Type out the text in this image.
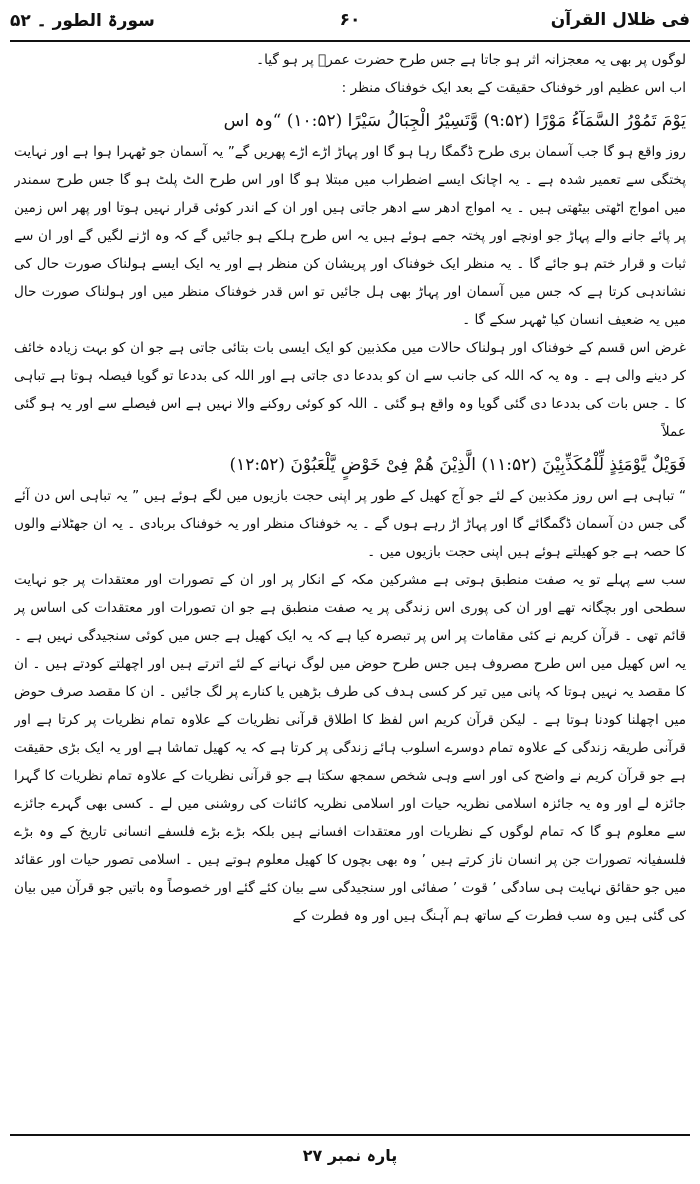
فی ظلال القرآن
۶۰
سورۃ الطور ۔ ۵۲

لوگوں پر بھی یہ معجزانہ اثر ہو جاتا ہے جس طرح حضرت عمرؓ پر ہو گیا۔

اب اس عظیم اور خوفناک حقیقت کے بعد ایک خوفناک منظر :

یَوْمَ تَمُوْرُ السَّمَآءُ مَوْرًا (۹:۵۲) وَّتَسِیْرُ الْجِبَالُ سَیْرًا (۱۰:۵۲) “وہ اس

روز واقع ہو گا جب آسمان بری طرح ڈگمگا رہا ہو گا اور پہاڑ اڑے اڑے پھریں گے” یہ آسمان جو ٹھہرا ہوا ہے اور نہایت پختگی سے تعمیر شدہ ہے ۔ یہ اچانک ایسے اضطراب میں مبتلا ہو گا اور اس طرح الٹ پلٹ ہو گا جس طرح سمندر میں امواج اٹھتی بیٹھتی ہیں ۔ یہ امواج ادھر سے ادھر جاتی ہیں اور ان کے اندر کوئی قرار نہیں ہوتا اور پھر اس زمین پر پائے جانے والے پہاڑ جو اونچے اور پختہ جمے ہوئے ہیں یہ اس طرح ہلکے ہو جائیں گے کہ وہ اڑنے لگیں گے اور ان سے ثبات و قرار ختم ہو جائے گا ۔ یہ منظر ایک خوفناک اور پریشان کن منظر ہے اور یہ ایک ایسے ہولناک صورت حال کی نشاندہی کرتا ہے کہ جس میں آسمان اور پہاڑ بھی ہل جائیں تو اس قدر خوفناک منظر میں اور ہولناک صورت حال میں یہ ضعیف انسان کیا ٹھہر سکے گا ۔

غرض اس قسم کے خوفناک اور ہولناک حالات میں مکذبین کو ایک ایسی بات بتائی جاتی ہے جو ان کو بہت زیادہ خائف کر دینے والی ہے ۔ وہ یہ کہ اللہ کی جانب سے ان کو بددعا دی جاتی ہے اور اللہ کی بددعا تو گویا فیصلہ ہوتا ہے تباہی کا ۔ جس بات کی بددعا دی گئی گویا وہ واقع ہو گئی ۔ اللہ کو کوئی روکنے والا نہیں ہے اس فیصلے سے اور یہ ہو گئی عملاً

فَوَیْلٌ یَّوْمَئِذٍ لِّلْمُکَذِّبِیْنَ (۱۱:۵۲) الَّذِیْنَ ھُمْ فِیْ خَوْضٍ یَّلْعَبُوْنَ (۱۲:۵۲)

“ تباہی ہے اس روز مکذبین کے لئے جو آج کھیل کے طور پر اپنی حجت بازیوں میں لگے ہوئے ہیں ” یہ تباہی اس دن آئے گی جس دن آسمان ڈگمگائے گا اور پہاڑ اڑ رہے ہوں گے ۔ یہ خوفناک منظر اور یہ خوفناک بربادی ۔ یہ ان جھٹلانے والوں کا حصہ ہے جو کھیلتے ہوئے ہیں اپنی حجت بازیوں میں ۔

سب سے پہلے تو یہ صفت منطبق ہوتی ہے مشرکین مکہ کے انکار پر اور ان کے تصورات اور معتقدات پر جو نہایت سطحی اور بچگانہ تھے اور ان کی پوری اس زندگی پر یہ صفت منطبق ہے جو ان تصورات اور معتقدات کی اساس پر قائم تھی ۔ قرآن کریم نے کئی مقامات پر اس پر تبصرہ کیا ہے کہ یہ ایک کھیل ہے جس میں کوئی سنجیدگی نہیں ہے ۔ یہ اس کھیل میں اس طرح مصروف ہیں جس طرح حوض میں لوگ نہانے کے لئے اترتے ہیں اور اچھلتے کودتے ہیں ۔ ان کا مقصد یہ نہیں ہوتا کہ پانی میں تیر کر کسی ہدف کی طرف بڑھیں یا کنارے پر لگ جائیں ۔ ان کا مقصد صرف حوض میں اچھلنا کودنا ہوتا ہے ۔ لیکن قرآن کریم اس لفظ کا اطلاق قرآنی نظریات کے علاوہ تمام نظریات پر کرتا ہے اور قرآنی طریقہ زندگی کے علاوہ تمام دوسرے اسلوب ہائے زندگی پر کرتا ہے کہ یہ کھیل تماشا ہے اور یہ ایک بڑی حقیقت ہے جو قرآن کریم نے واضح کی اور اسے وہی شخص سمجھ سکتا ہے جو قرآنی نظریات کے علاوہ تمام نظریات کا گہرا جائزہ لے اور وہ یہ جائزہ اسلامی نظریہ حیات اور اسلامی نظریہ کائنات کی روشنی میں لے ۔ کسی بھی گہرے جائزے سے معلوم ہو گا کہ تمام لوگوں کے نظریات اور معتقدات افسانے ہیں بلکہ بڑے بڑے فلسفے انسانی تاریخ کے وہ بڑے فلسفیانہ تصورات جن پر انسان ناز کرتے ہیں ’ وہ بھی بچوں کا کھیل معلوم ہوتے ہیں ۔ اسلامی تصور حیات اور عقائد میں جو حقائق نہایت ہی سادگی ’ قوت ’ صفائی اور سنجیدگی سے بیان کئے گئے اور خصوصاً وہ باتیں جو قرآن میں بیان کی گئی ہیں وہ سب فطرت کے ساتھ ہم آہنگ ہیں اور وہ فطرت کے

پارہ نمبر ۲۷
